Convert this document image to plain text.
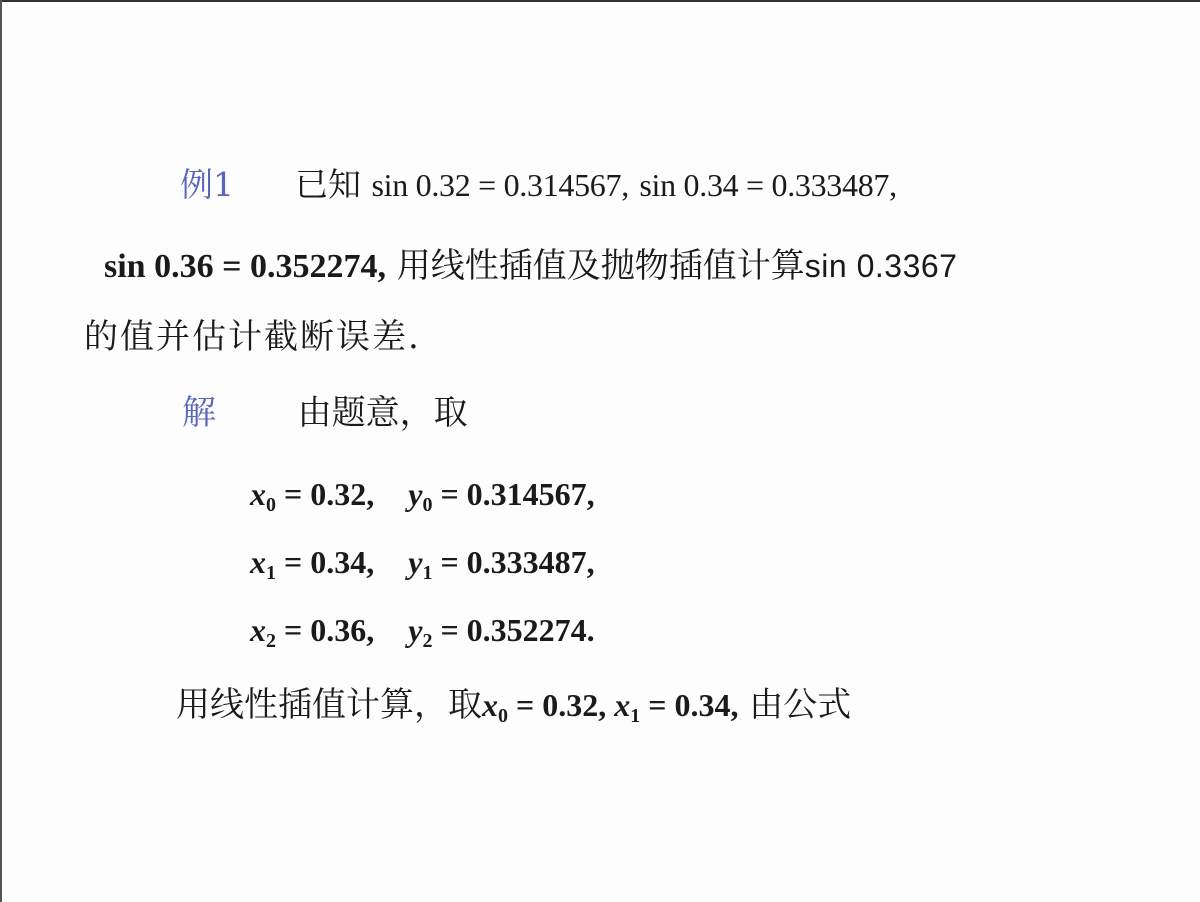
例1 已知 sin 0.32 = 0.314567, sin 0.34 = 0.333487,
sin 0.36 = 0.352274, 用线性插值及抛物插值计算sin 0.3367
的值并估计截断误差.
解 由题意，取
$x_0 = 0.32$, $y_0 = 0.314567$,
$x_1 = 0.34$, $y_1 = 0.333487$,
$x_2 = 0.36$, $y_2 = 0.352274$.
用线性插值计算，取$x_0 = 0.32$, $x_1 = 0.34$, 由公式
